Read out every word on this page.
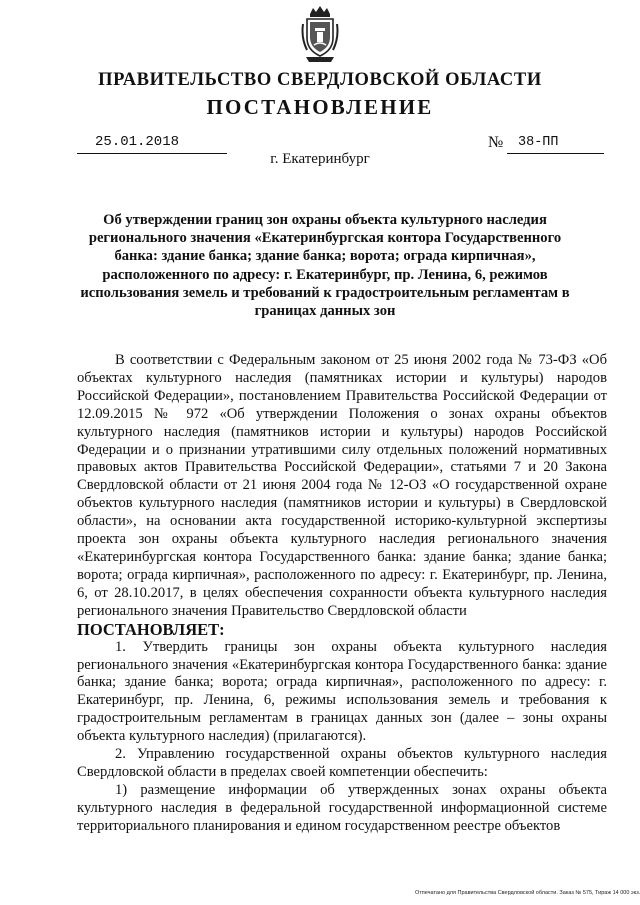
ПРАВИТЕЛЬСТВО СВЕРДЛОВСКОЙ ОБЛАСТИ
ПОСТАНОВЛЕНИЕ
25.01.2018	№ 38-ПП
г. Екатеринбург
Об утверждении границ зон охраны объекта культурного наследия регионального значения «Екатеринбургская контора Государственного банка: здание банка; здание банка; ворота; ограда кирпичная», расположенного по адресу: г. Екатеринбург, пр. Ленина, 6, режимов использования земель и требований к градостроительным регламентам в границах данных зон

В соответствии с Федеральным законом от 25 июня 2002 года № 73-ФЗ «Об объектах культурного наследия (памятниках истории и культуры) народов Российской Федерации», постановлением Правительства Российской Федерации от 12.09.2015 № 972 «Об утверждении Положения о зонах охраны объектов культурного наследия (памятников истории и культуры) народов Российской Федерации и о признании утратившими силу отдельных положений нормативных правовых актов Правительства Российской Федерации», статьями 7 и 20 Закона Свердловской области от 21 июня 2004 года № 12-ОЗ «О государственной охране объектов культурного наследия (памятников истории и культуры) в Свердловской области», на основании акта государственной историко-культурной экспертизы проекта зон охраны объекта культурного наследия регионального значения «Екатеринбургская контора Государственного банка: здание банка; здание банка; ворота; ограда кирпичная», расположенного по адресу: г. Екатеринбург, пр. Ленина, 6, от 28.10.2017, в целях обеспечения сохранности объекта культурного наследия регионального значения Правительство Свердловской области

ПОСТАНОВЛЯЕТ:

1. Утвердить границы зон охраны объекта культурного наследия регионального значения «Екатеринбургская контора Государственного банка: здание банка; здание банка; ворота; ограда кирпичная», расположенного по адресу: г. Екатеринбург, пр. Ленина, 6, режимы использования земель и требования к градостроительным регламентам в границах данных зон (далее – зоны охраны объекта культурного наследия) (прилагаются).

2. Управлению государственной охраны объектов культурного наследия Свердловской области в пределах своей компетенции обеспечить:

1) размещение информации об утвержденных зонах охраны объекта культурного наследия в федеральной государственной информационной системе территориального планирования и едином государственном реестре объектов

Отпечатано для Правительства Свердловской области. Заказ № 575, Тираж 14 000 экз.
